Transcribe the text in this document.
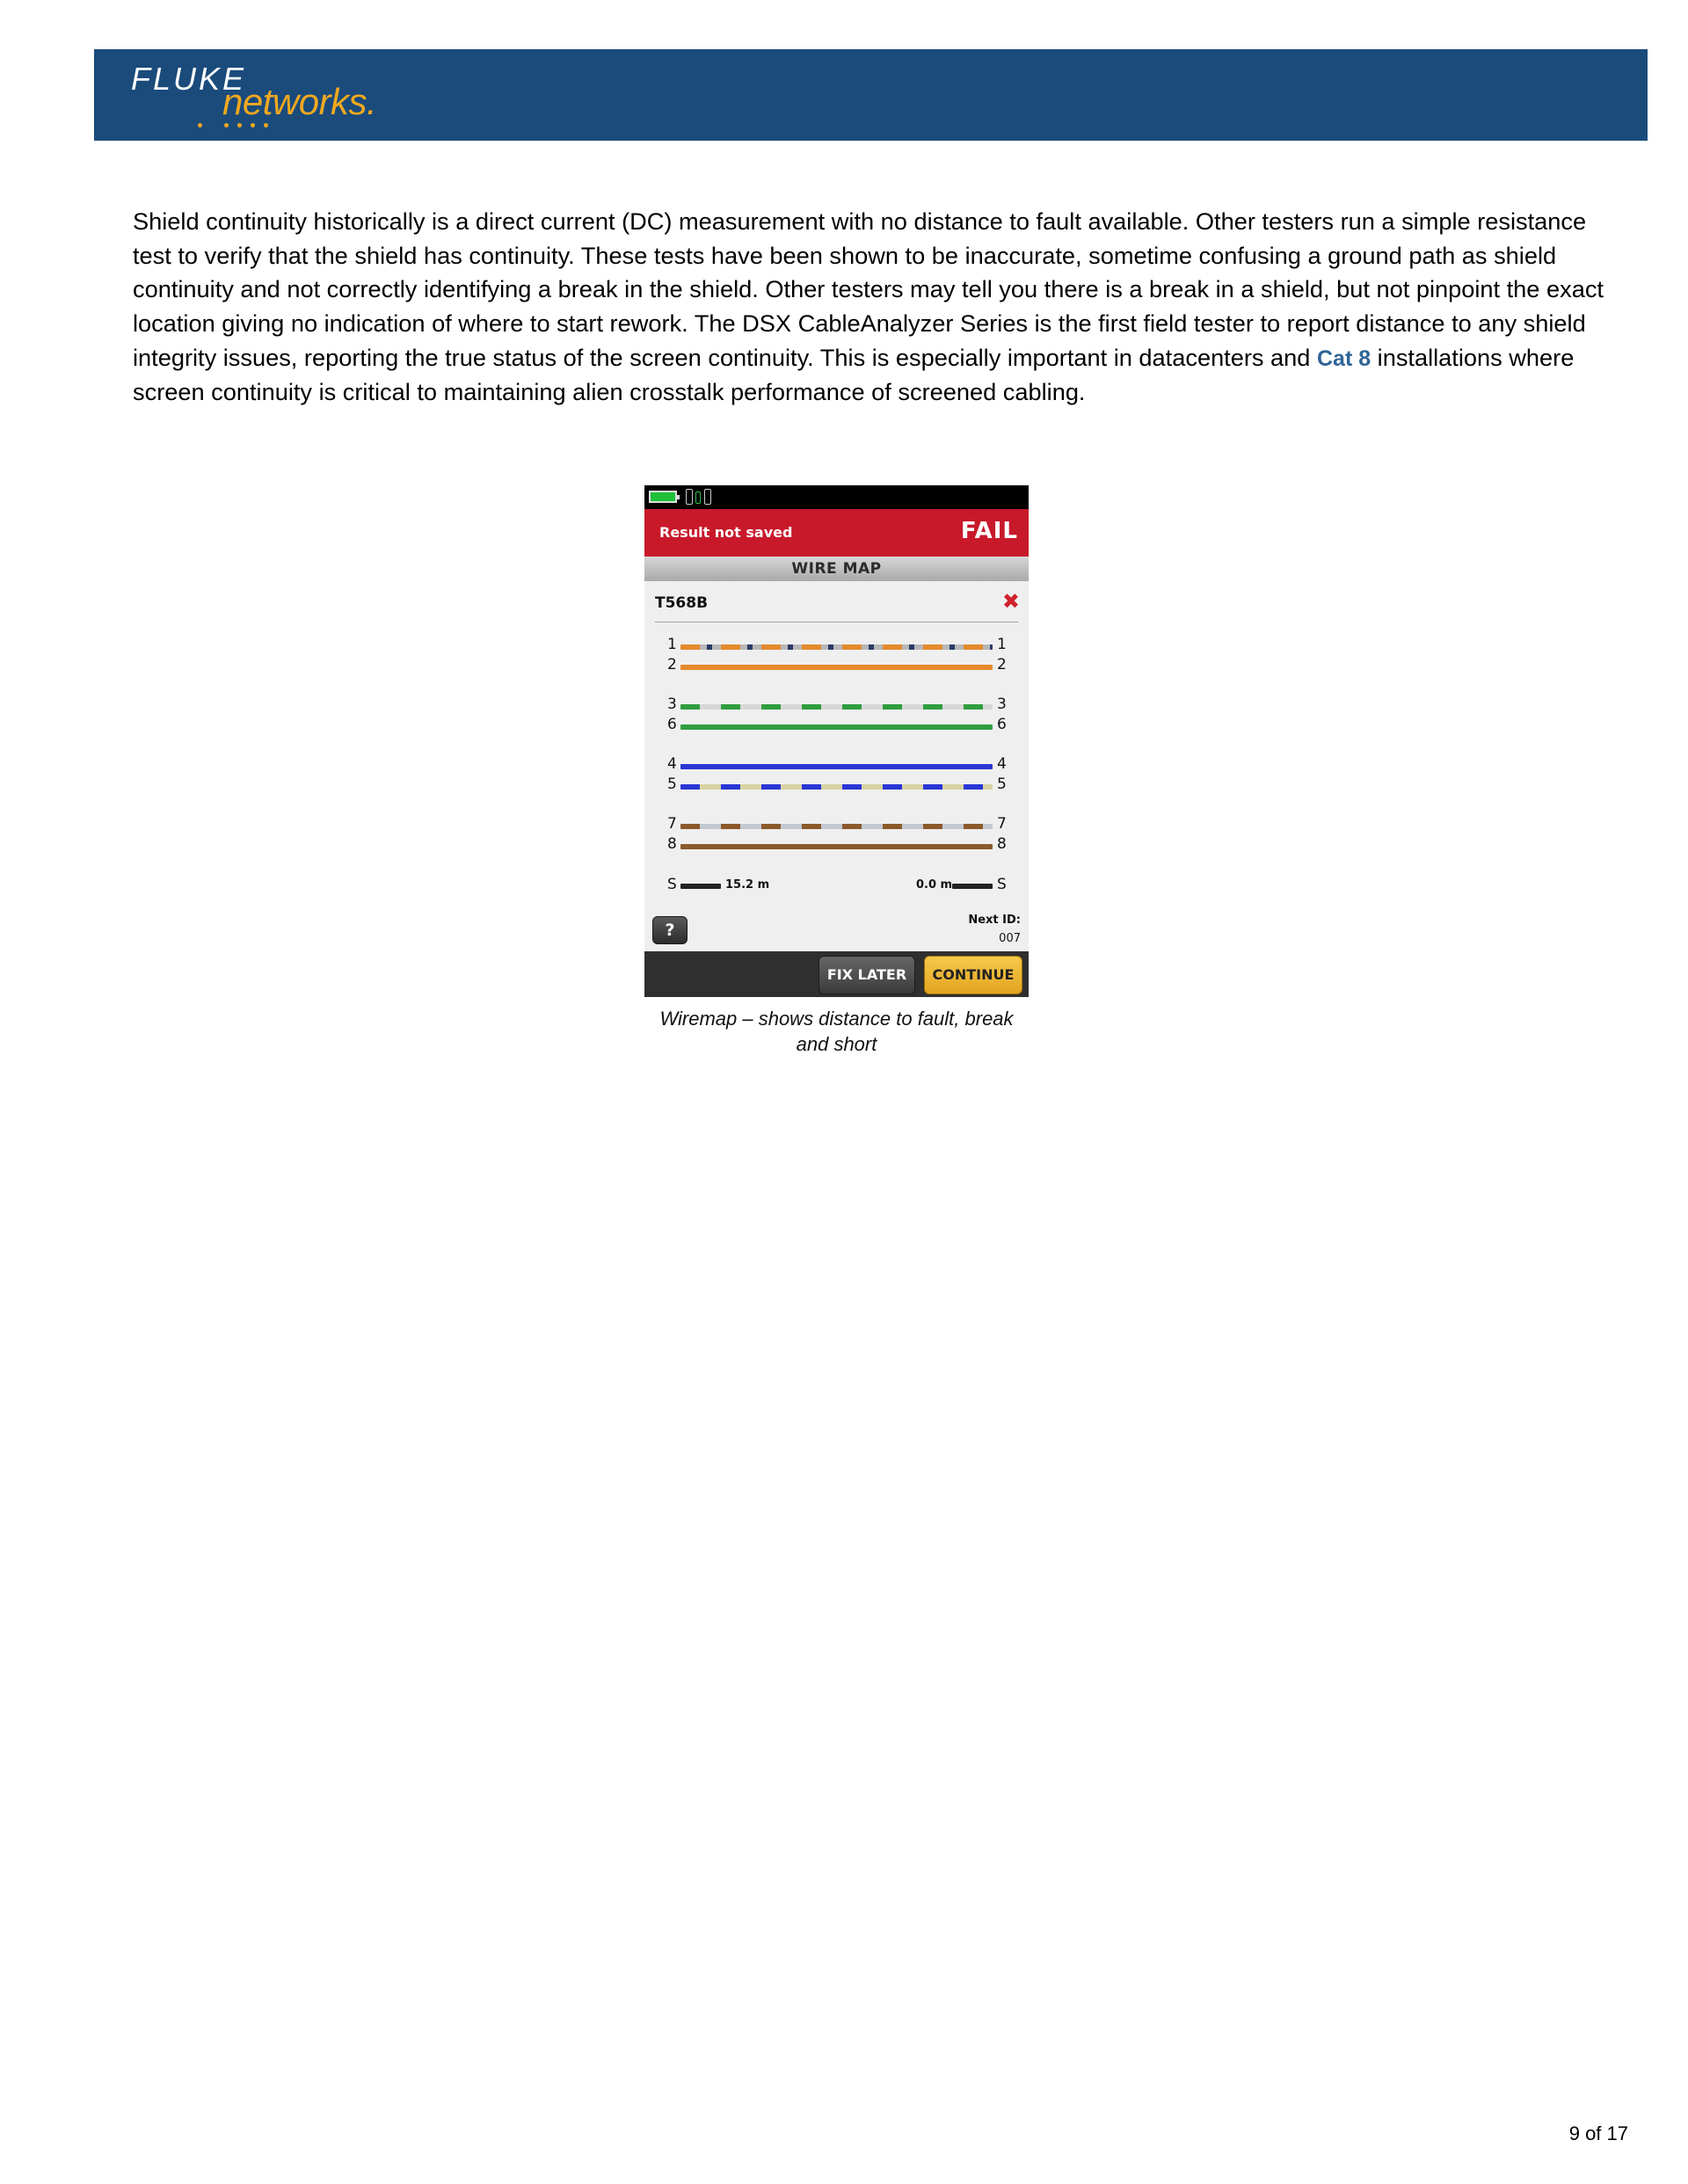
FLUKE
networks.

Shield continuity historically is a direct current (DC) measurement with no distance to fault available. Other testers run a simple resistance test to verify that the shield has continuity. These tests have been shown to be inaccurate, sometime confusing a ground path as shield continuity and not correctly identifying a break in the shield. Other testers may tell you there is a break in a shield, but not pinpoint the exact location giving no indication of where to start rework. The DSX CableAnalyzer Series is the first field tester to report distance to any shield integrity issues, reporting the true status of the screen continuity. This is especially important in datacenters and Cat 8 installations where screen continuity is critical to maintaining alien crosstalk performance of screened cabling.

Result not saved	FAIL
WIRE MAP
T568B	✖
1	1
2	2
3	3
6	6
4	4
5	5
7	7
8	8
S	15.2 m	0.0 m	S
?
Next ID:
007
FIX LATER	CONTINUE
Wiremap – shows distance to fault, break and short
9 of 17
